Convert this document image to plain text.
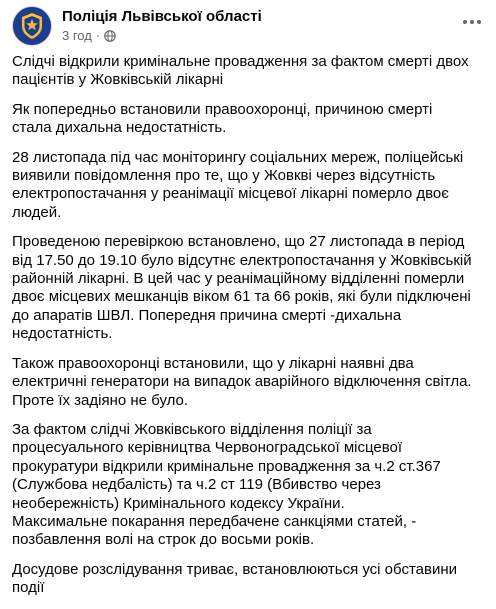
Поліція Львівської області
3 год ·

Слідчі відкрили кримінальне провадження за фактом смерті двох
пацієнтів у Жовківській лікарні

Як попередньо встановили правоохоронці, причиною смерті
стала дихальна недостатність.

28 листопада під час моніторингу соціальних мереж, поліцейські
виявили повідомлення про те, що у Жовкві через відсутність
електропостачання у реанімації місцевої лікарні померло двоє
людей.

Проведеною перевіркою встановлено, що 27 листопада в період
від 17.50 до 19.10 було відсутнє електропостачання у Жовківській
районній лікарні. В цей час у реанімаційному відділенні померли
двоє місцевих мешканців віком 61 та 66 років, які були підключені
до апаратів ШВЛ. Попередня причина смерті -дихальна
недостатність.

Також правоохоронці встановили, що у лікарні наявні два
електричні генератори на випадок аварійного відключення світла.
Проте їх задіяно не було.

За фактом слідчі Жовківського відділення поліції за
процесуального керівництва Червоноградської місцевої
прокуратури відкрили кримінальне провадження за ч.2 ст.367
(Службова недбалість) та ч.2 ст 119 (Вбивство через
необережність) Кримінального кодексу України.
Максимальне покарання передбачене санкціями статей, -
позбавлення волі на строк до восьми років.

Досудове розслідування триває, встановлюються усі обставини
події
